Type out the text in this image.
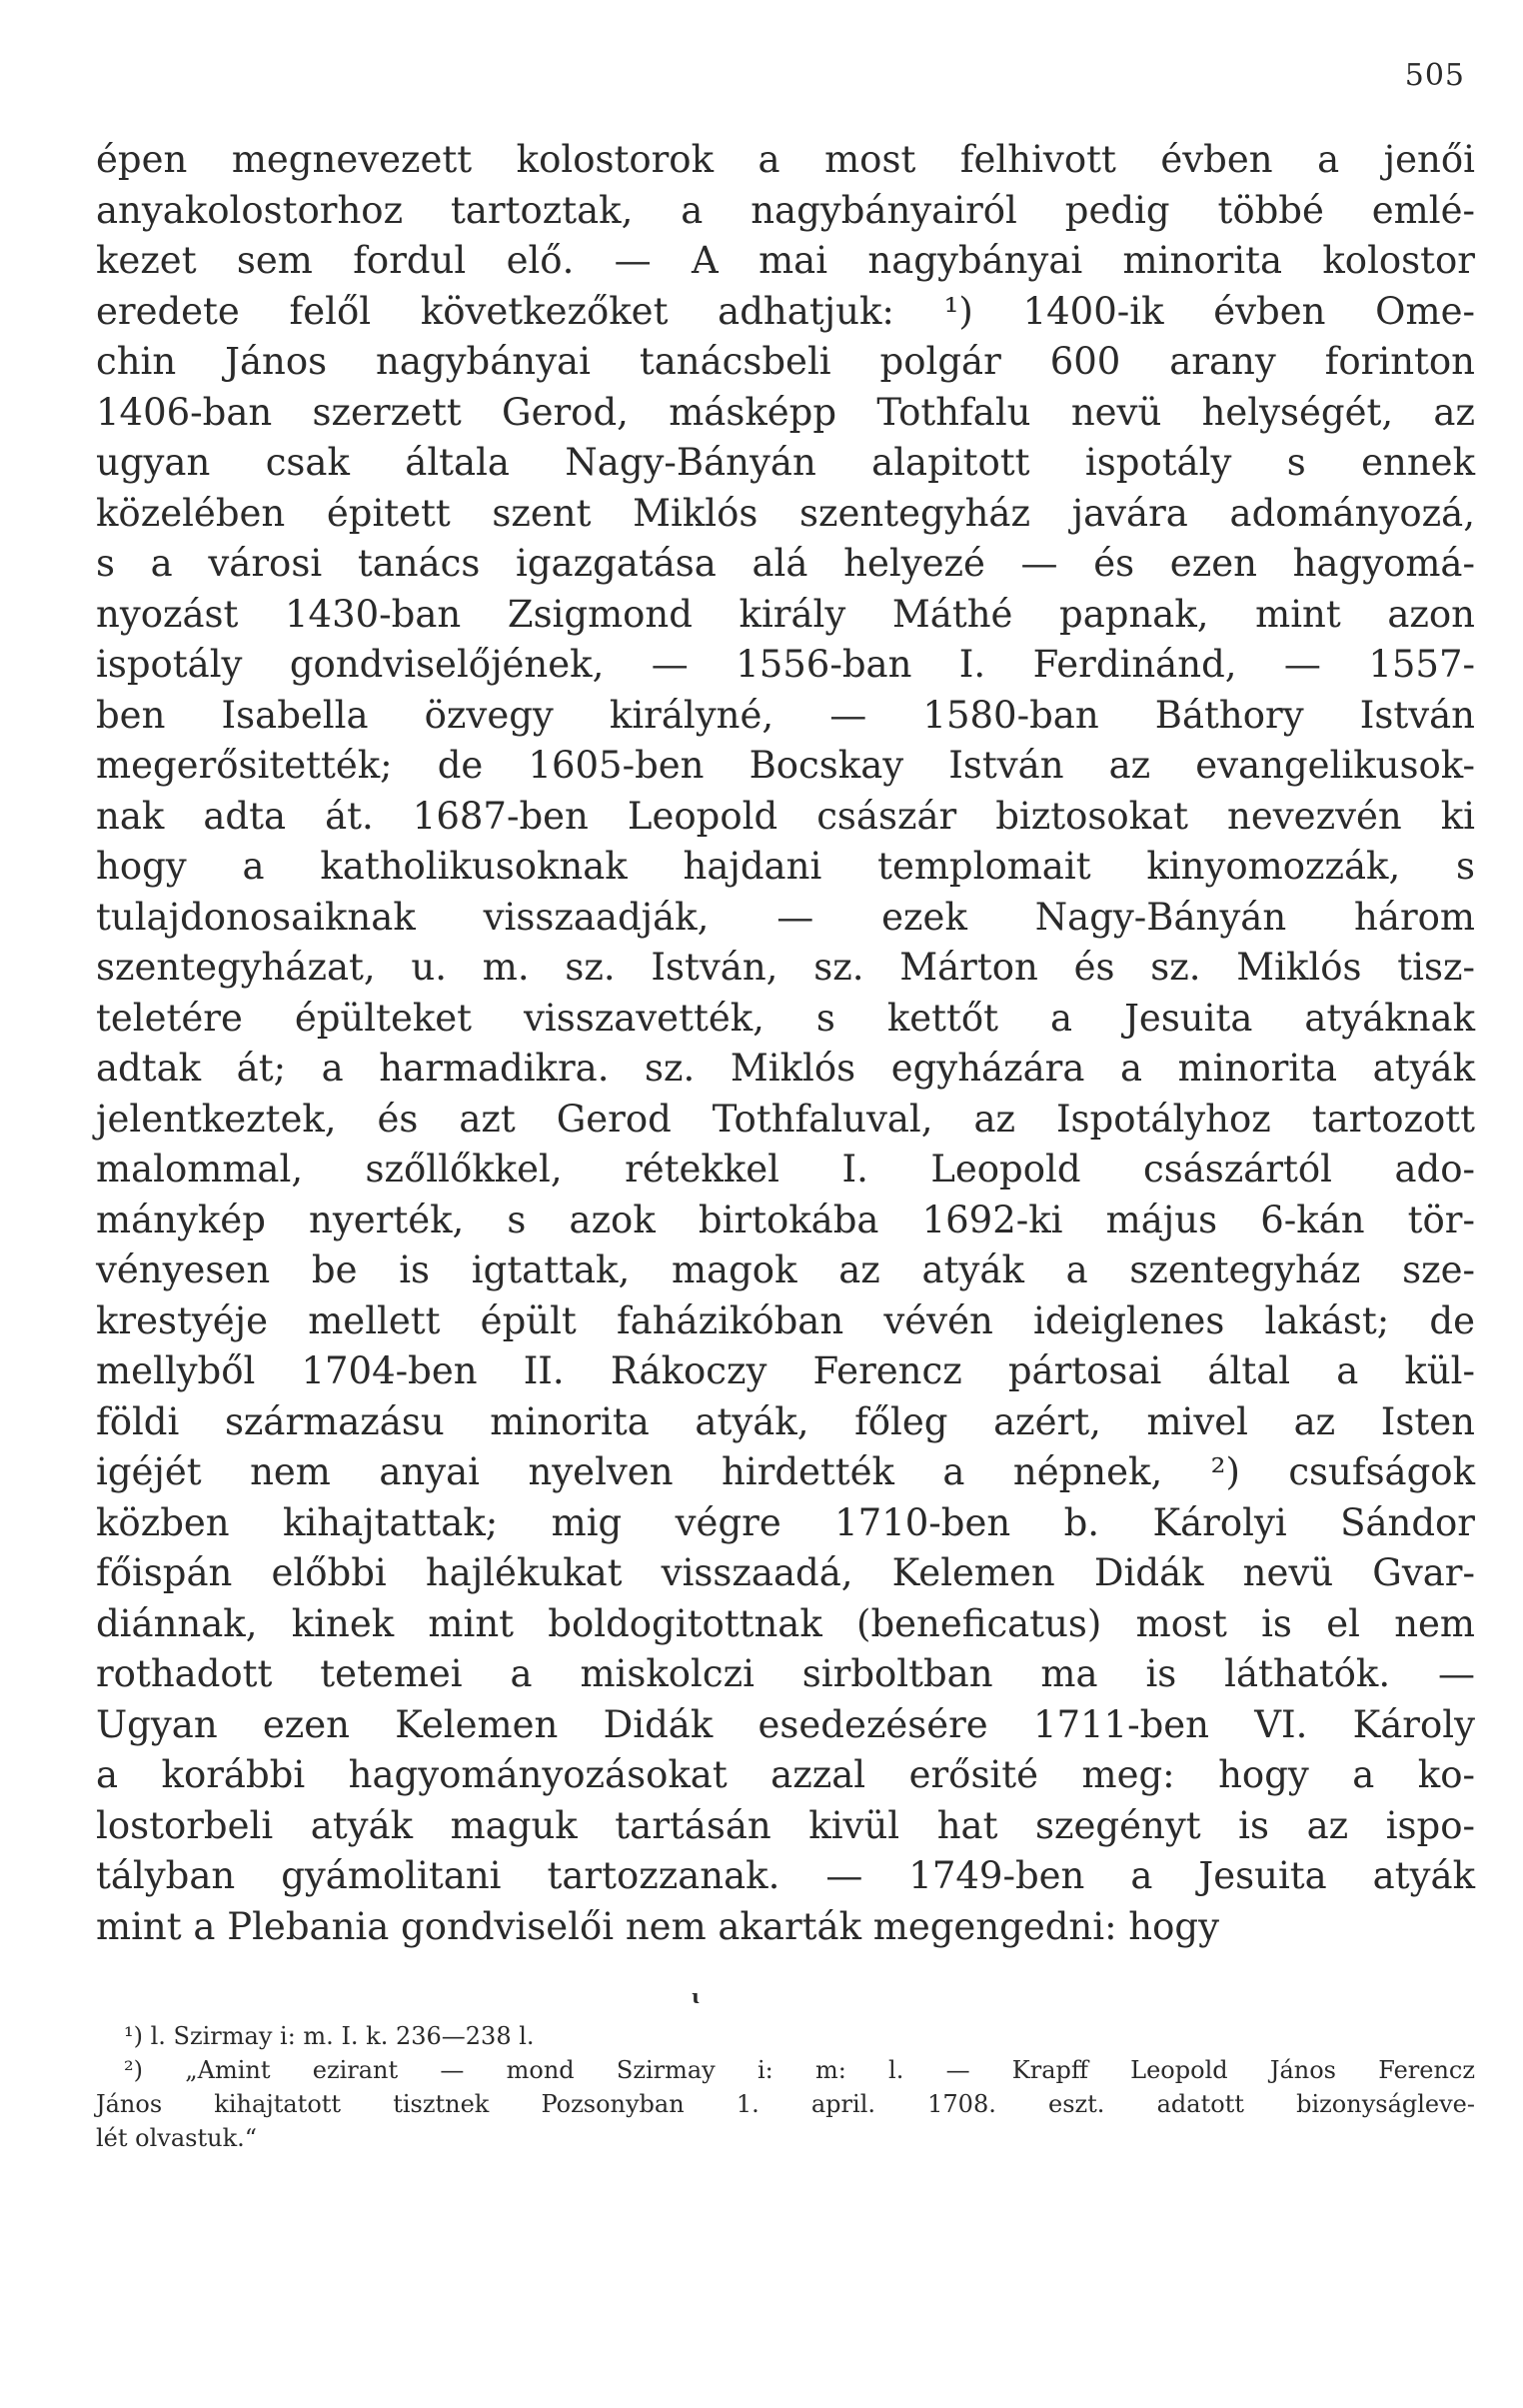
505
épen megnevezett kolostorok a most felhivott évben a jenői
anyakolostorhoz tartoztak, a nagybányairól pedig többé emlé-
kezet sem fordul elő. — A mai nagybányai minorita kolostor
eredete felől következőket adhatjuk: ¹) 1400-ik évben Ome-
chin János nagybányai tanácsbeli polgár 600 arany forinton
1406-ban szerzett Gerod, másképp Tothfalu nevü helységét, az
ugyan csak általa Nagy-Bányán alapitott ispotály s ennek
közelében épitett szent Miklós szentegyház javára adományozá,
s a városi tanács igazgatása alá helyezé — és ezen hagyomá-
nyozást 1430-ban Zsigmond király Máthé papnak, mint azon
ispotály gondviselőjének, — 1556-ban I. Ferdinánd, — 1557-
ben Isabella özvegy királyné, — 1580-ban Báthory István
megerősitették; de 1605-ben Bocskay István az evangelikusok-
nak adta át. 1687-ben Leopold császár biztosokat nevezvén ki
hogy a katholikusoknak hajdani templomait kinyomozzák, s
tulajdonosaiknak visszaadják, — ezek Nagy-Bányán három
szentegyházat, u. m. sz. István, sz. Márton és sz. Miklós tisz-
teletére épülteket visszavették, s kettőt a Jesuita atyáknak
adtak át; a harmadikra. sz. Miklós egyházára a minorita atyák
jelentkeztek, és azt Gerod Tothfaluval, az Ispotályhoz tartozott
malommal, szőllőkkel, rétekkel I. Leopold császártól ado-
mánykép nyerték, s azok birtokába 1692-ki május 6-kán tör-
vényesen be is igtattak, magok az atyák a szentegyház sze-
krestyéje mellett épült faházikóban vévén ideiglenes lakást; de
mellyből 1704-ben II. Rákoczy Ferencz pártosai által a kül-
földi származásu minorita atyák, főleg azért, mivel az Isten
igéjét nem anyai nyelven hirdették a népnek, ²) csufságok
közben kihajtattak; mig végre 1710-ben b. Károlyi Sándor
főispán előbbi hajlékukat visszaadá, Kelemen Didák nevü Gvar-
diánnak, kinek mint boldogitottnak (beneficatus) most is el nem
rothadott tetemei a miskolczi sirboltban ma is láthatók. —
Ugyan ezen Kelemen Didák esedezésére 1711-ben VI. Károly
a korábbi hagyományozásokat azzal erősité meg: hogy a ko-
lostorbeli atyák maguk tartásán kivül hat szegényt is az ispo-
tályban gyámolitani tartozzanak. — 1749-ben a Jesuita atyák
mint a Plebania gondviselői nem akarták megengedni: hogy
ɩ
¹) l. Szirmay i: m. I. k. 236—238 l.
²) „Amint ezirant — mond Szirmay i: m: l. — Krapff Leopold János Ferencz
János kihajtatott tisztnek Pozsonyban 1. april. 1708. eszt. adatott bizonyságleve-
lét olvastuk.“
